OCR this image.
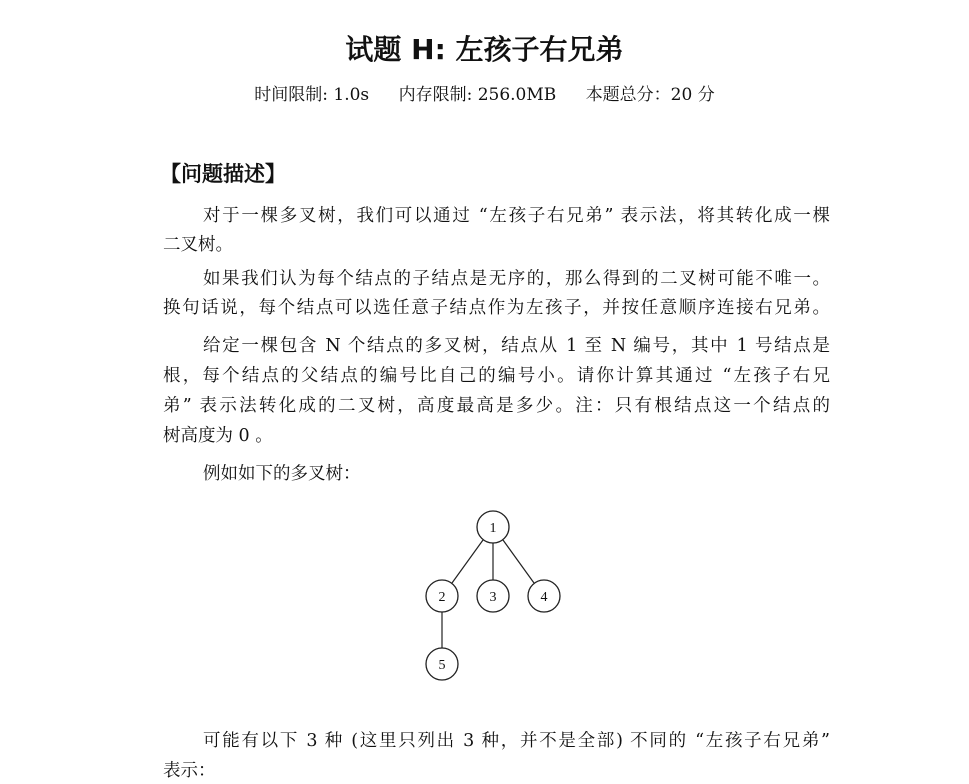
试题 H: 左孩子右兄弟
时间限制: 1.0s 内存限制: 256.0MB 本题总分：20 分
【问题描述】
对于一棵多叉树，我们可以通过 “左孩子右兄弟” 表示法，将其转化成一棵
二叉树。
如果我们认为每个结点的子结点是无序的，那么得到的二叉树可能不唯一。
换句话说，每个结点可以选任意子结点作为左孩子，并按任意顺序连接右兄弟。
给定一棵包含 N 个结点的多叉树，结点从 1 至 N 编号，其中 1 号结点是
根，每个结点的父结点的编号比自己的编号小。请你计算其通过 “左孩子右兄
弟” 表示法转化成的二叉树，高度最高是多少。注：只有根结点这一个结点的
树高度为 0 。
例如如下的多叉树：
1
2	3	4
5
可能有以下 3 种 (这里只列出 3 种，并不是全部) 不同的 “左孩子右兄弟”
表示：
